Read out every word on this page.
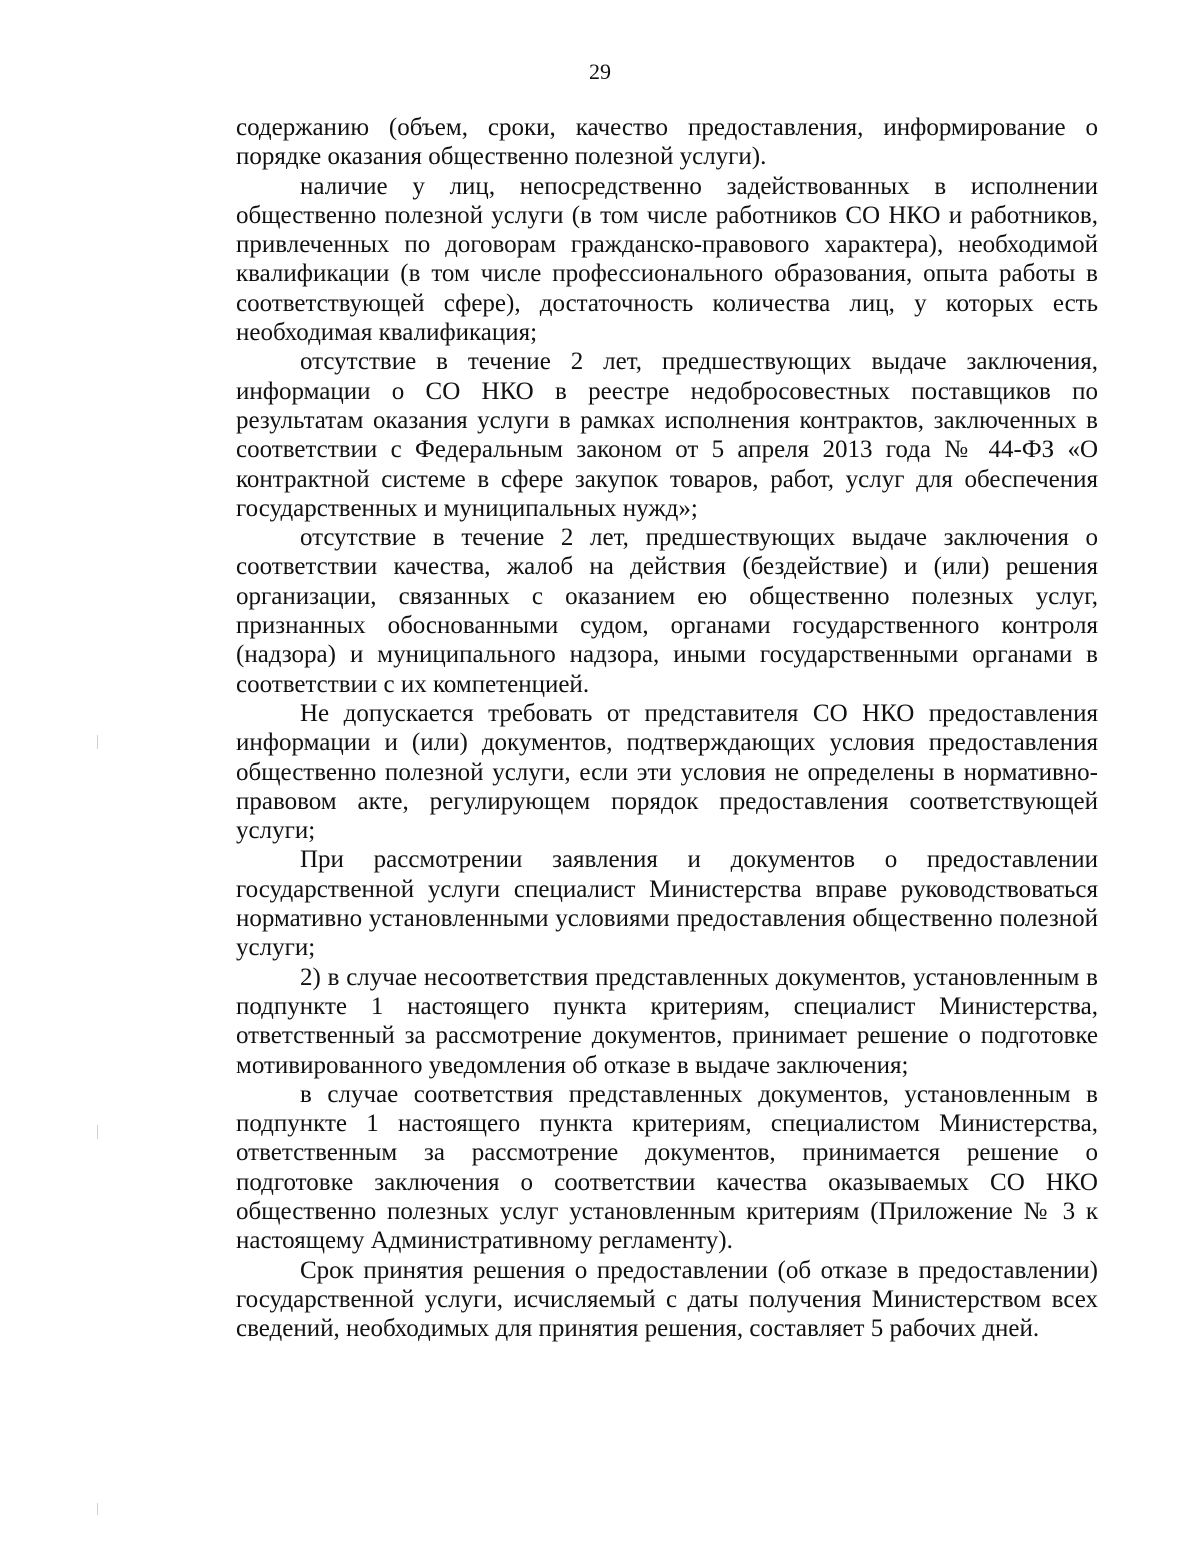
29

содержанию (объем, сроки, качество предоставления, информирование о порядке оказания общественно полезной услуги).

наличие у лиц, непосредственно задействованных в исполнении общественно полезной услуги (в том числе работников СО НКО и работников, привлеченных по договорам гражданско-правового характера), необходимой квалификации (в том числе профессионального образования, опыта работы в соответствующей сфере), достаточность количества лиц, у которых есть необходимая квалификация;

отсутствие в течение 2 лет, предшествующих выдаче заключения, информации о СО НКО в реестре недобросовестных поставщиков по результатам оказания услуги в рамках исполнения контрактов, заключенных в соответствии с Федеральным законом от 5 апреля 2013 года № 44-ФЗ «О контрактной системе в сфере закупок товаров, работ, услуг для обеспечения государственных и муниципальных нужд»;

отсутствие в течение 2 лет, предшествующих выдаче заключения о соответствии качества, жалоб на действия (бездействие) и (или) решения организации, связанных с оказанием ею общественно полезных услуг, признанных обоснованными судом, органами государственного контроля (надзора) и муниципального надзора, иными государственными органами в соответствии с их компетенцией.

Не допускается требовать от представителя СО НКО предоставления информации и (или) документов, подтверждающих условия предоставления общественно полезной услуги, если эти условия не определены в нормативно-правовом акте, регулирующем порядок предоставления соответствующей услуги;

При рассмотрении заявления и документов о предоставлении государственной услуги специалист Министерства вправе руководствоваться нормативно установленными условиями предоставления общественно полезной услуги;

2) в случае несоответствия представленных документов, установленным в подпункте 1 настоящего пункта критериям, специалист Министерства, ответственный за рассмотрение документов, принимает решение о подготовке мотивированного уведомления об отказе в выдаче заключения;

в случае соответствия представленных документов, установленным в подпункте 1 настоящего пункта критериям, специалистом Министерства, ответственным за рассмотрение документов, принимается решение о подготовке заключения о соответствии качества оказываемых СО НКО общественно полезных услуг установленным критериям (Приложение № 3 к настоящему Административному регламенту).

Срок принятия решения о предоставлении (об отказе в предоставлении) государственной услуги, исчисляемый с даты получения Министерством всех сведений, необходимых для принятия решения, составляет 5 рабочих дней.
